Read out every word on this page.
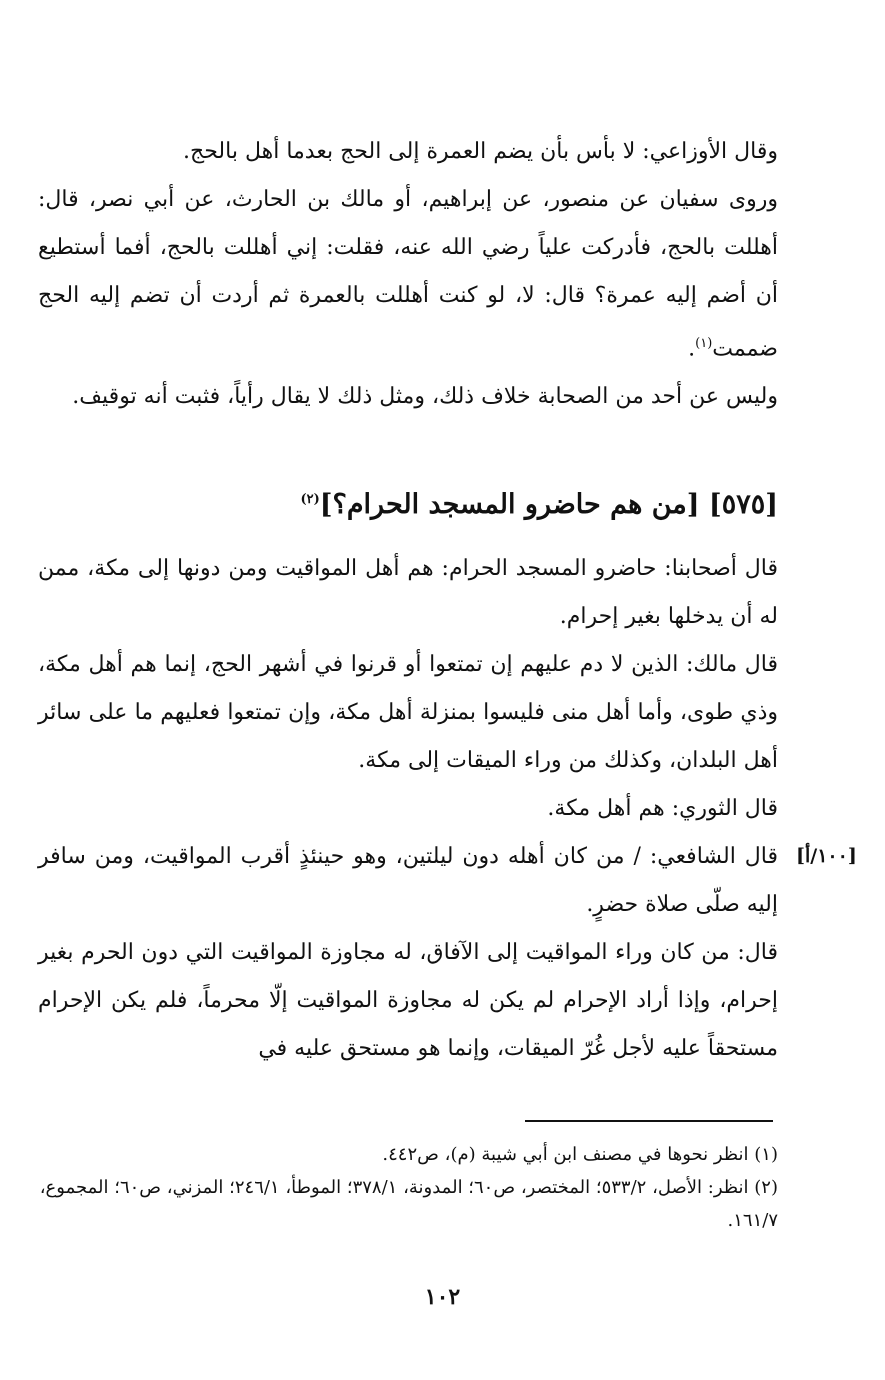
وقال الأوزاعي: لا بأس بأن يضم العمرة إلى الحج بعدما أهل بالحج.

وروى سفيان عن منصور، عن إبراهيم، أو مالك بن الحارث، عن أبي نصر، قال: أهللت بالحج، فأدركت علياً رضي الله عنه، فقلت: إني أهللت بالحج، أفما أستطيع أن أضم إليه عمرة؟ قال: لا، لو كنت أهللت بالعمرة ثم أردت أن تضم إليه الحج ضممت$^{(١)}$.

وليس عن أحد من الصحابة خلاف ذلك، ومثل ذلك لا يقال رأياً، فثبت أنه توقيف.

[٥٧٥] [من هم حاضرو المسجد الحرام؟]$^{(٢)}$

قال أصحابنا: حاضرو المسجد الحرام: هم أهل المواقيت ومن دونها إلى مكة، ممن له أن يدخلها بغير إحرام.

قال مالك: الذين لا دم عليهم إن تمتعوا أو قرنوا في أشهر الحج، إنما هم أهل مكة، وذي طوى، وأما أهل منى فليسوا بمنزلة أهل مكة، وإن تمتعوا فعليهم ما على سائر أهل البلدان، وكذلك من وراء الميقات إلى مكة.

قال الثوري: هم أهل مكة.

قال الشافعي: / من كان أهله دون ليلتين، وهو حينئذٍ أقرب المواقيت، ومن سافر إليه صلّى صلاة حضرٍ.

قال: من كان وراء المواقيت إلى الآفاق، له مجاوزة المواقيت التي دون الحرم بغير إحرام، وإذا أراد الإحرام لم يكن له مجاوزة المواقيت إلّا محرماً، فلم يكن الإحرام مستحقاً عليه لأجل غُرّ الميقات، وإنما هو مستحق عليه في

[١٠٠/أ]

(١) انظر نحوها في مصنف ابن أبي شيبة (م)، ص٤٤٢.

(٢) انظر: الأصل، ٥٣٣/٢؛ المختصر، ص٦٠؛ المدونة، ٣٧٨/١؛ الموطأ، ٢٤٦/١؛ المزني، ص٦٠؛ المجموع، ١٦١/٧.

١٠٢
